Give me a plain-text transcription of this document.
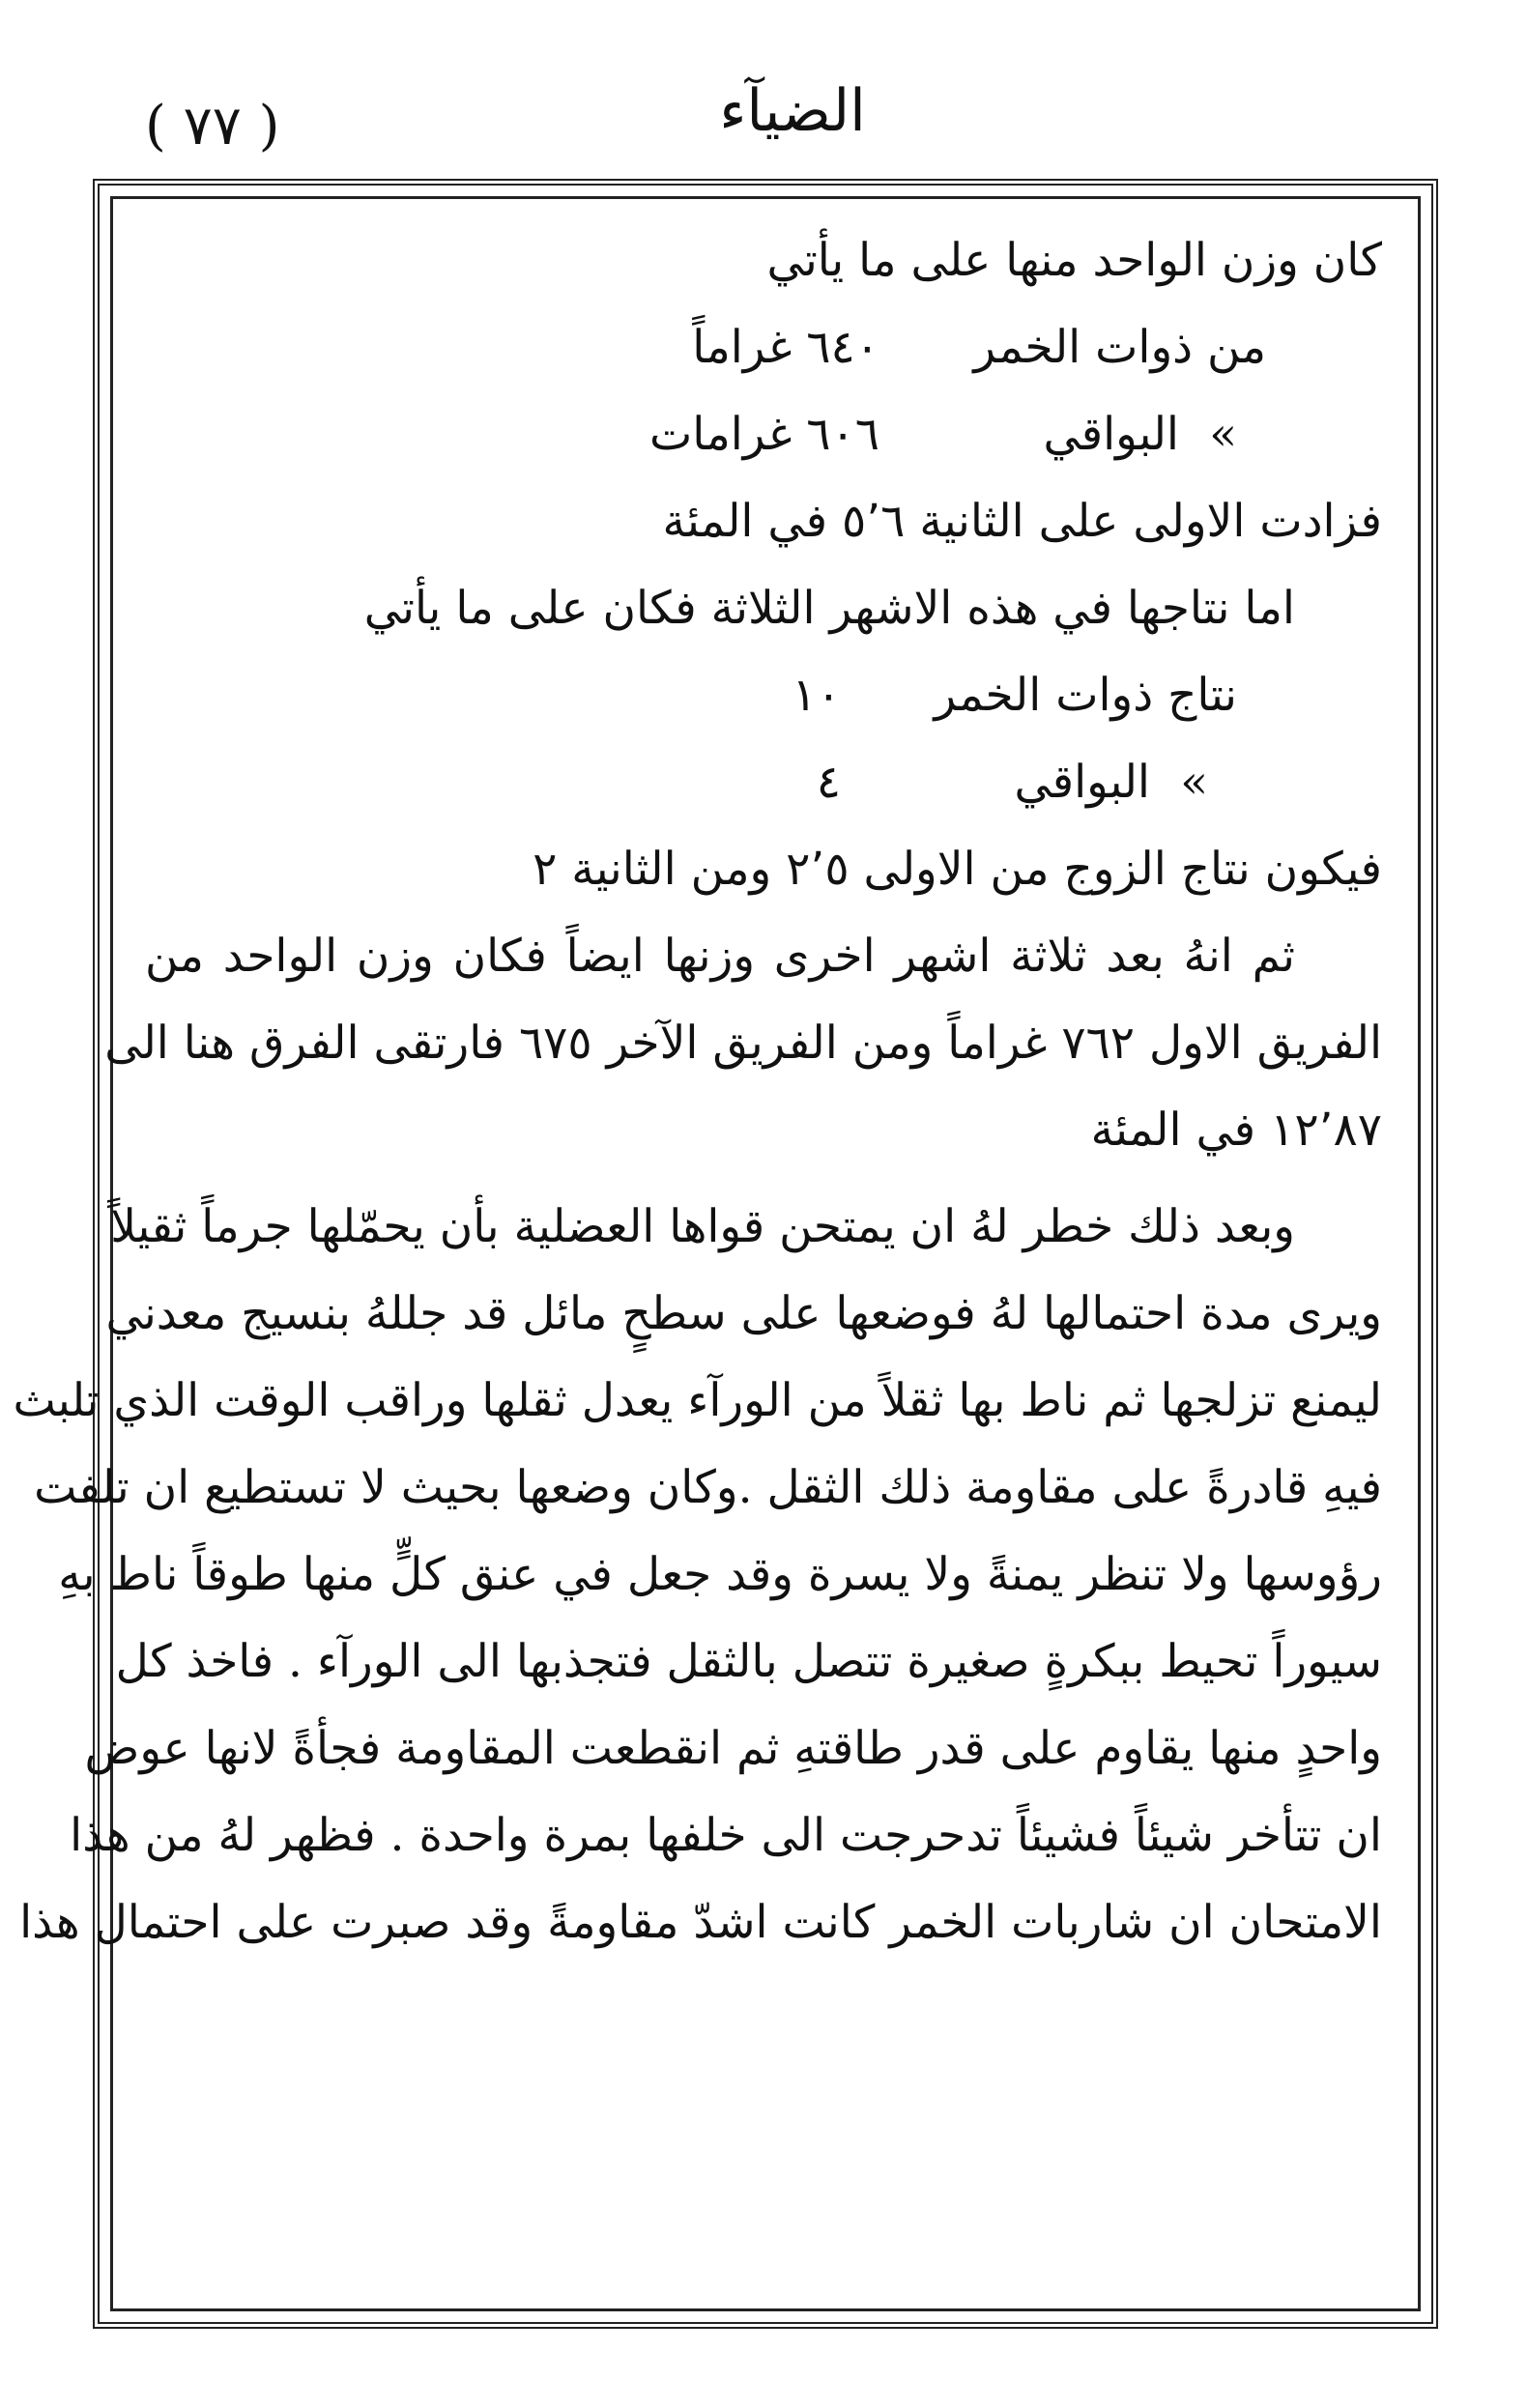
( ٧٧ )	الضيآء
كان وزن الواحد منها على ما يأتي
من ذوات الخمر
٦٤٠ غراماً
»
البواقي
٦٠٦ غرامات
فزادت الاولى على الثانية ٥٬٦ في المئة
اما نتاجها في هذه الاشهر الثلاثة فكان على ما يأتي
نتاج ذوات الخمر
١٠
»
البواقي
٤
فيكون نتاج الزوج من الاولى ٢٬٥ ومن الثانية ٢
ثم انهُ بعد ثلاثة اشهر اخرى وزنها ايضاً فكان وزن الواحد من
الفريق الاول ٧٦٢ غراماً ومن الفريق الآخر ٦٧٥ فارتقى الفرق هنا الى
١٢٬٨٧ في المئة
وبعد ذلك خطر لهُ ان يمتحن قواها العضلية بأن يحمّلها جرماً ثقيلاً
ويرى مدة احتمالها لهُ فوضعها على سطحٍ مائل قد جللهُ بنسيج معدني
ليمنع تزلجها ثم ناط بها ثقلاً من الورآء يعدل ثقلها وراقب الوقت الذي تلبث
فيهِ قادرةً على مقاومة ذلك الثقل .وكان وضعها بحيث لا تستطيع ان تلفت
رؤوسها ولا تنظر يمنةً ولا يسرة وقد جعل في عنق كلٍّ منها طوقاً ناط بهِ
سيوراً تحيط ببكرةٍ صغيرة تتصل بالثقل فتجذبها الى الورآء . فاخذ كل
واحدٍ منها يقاوم على قدر طاقتهِ ثم انقطعت المقاومة فجأةً لانها عوض
ان تتأخر شيئاً فشيئاً تدحرجت الى خلفها بمرة واحدة . فظهر لهُ من هذا
الامتحان ان شاربات الخمر كانت اشدّ مقاومةً وقد صبرت على احتمال هذا
